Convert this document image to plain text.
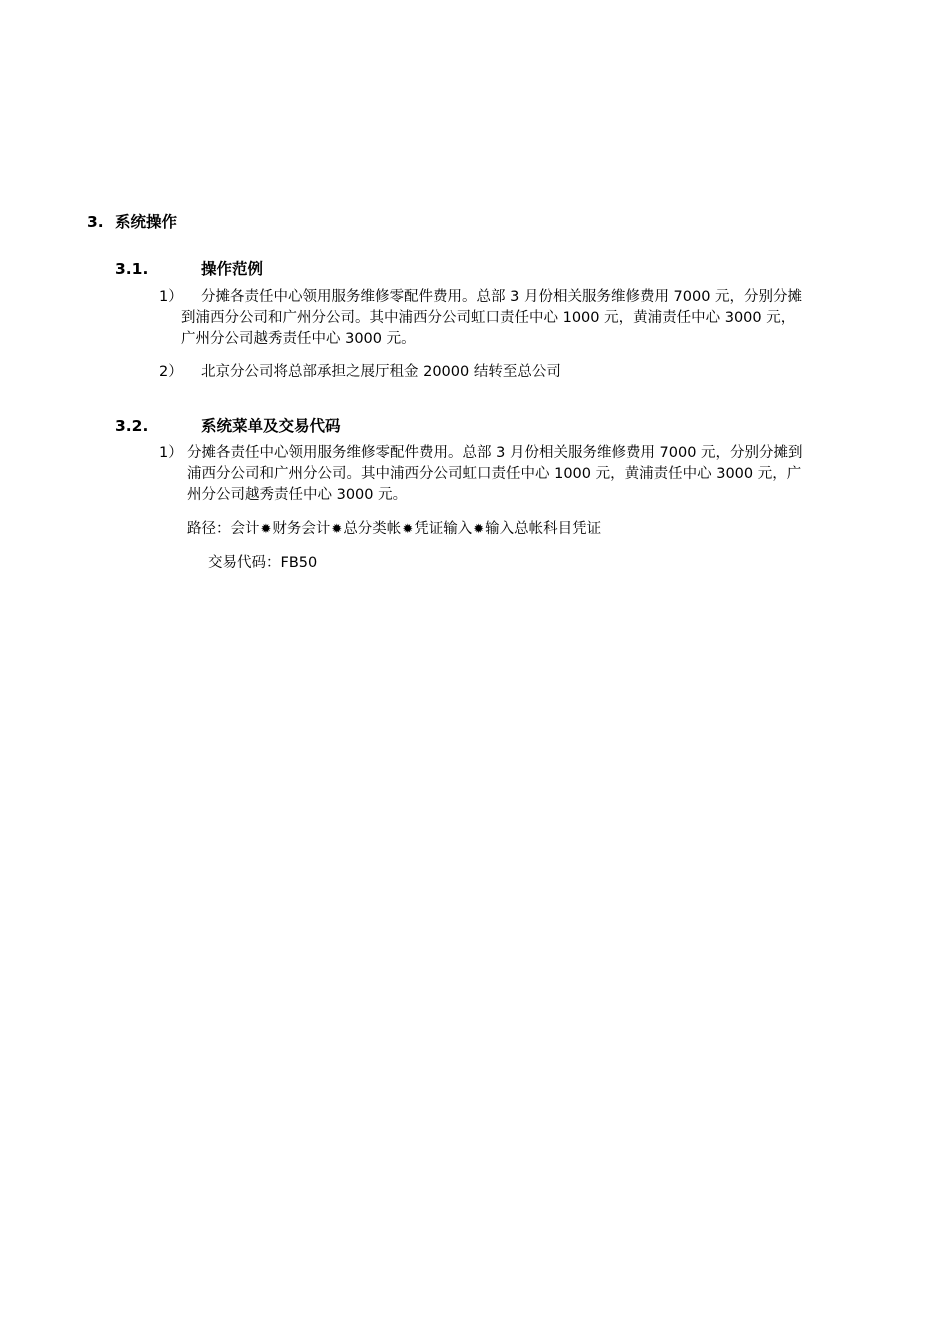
3. 系统操作
3.1.	操作范例
1） 分摊各责任中心领用服务维修零配件费用。总部 3 月份相关服务维修费用 7000 元，分别分摊
到浦西分公司和广州分公司。其中浦西分公司虹口责任中心 1000 元，黄浦责任中心 3000 元，
广州分公司越秀责任中心 3000 元。
2） 北京分公司将总部承担之展厅租金 20000 结转至总公司
3.2.	系统菜单及交易代码
1） 分摊各责任中心领用服务维修零配件费用。总部 3 月份相关服务维修费用 7000 元，分别分摊到
浦西分公司和广州分公司。其中浦西分公司虹口责任中心 1000 元，黄浦责任中心 3000 元，广
州分公司越秀责任中心 3000 元。
路径：会计✹财务会计✹总分类帐✹凭证输入✹输入总帐科目凭证
交易代码：FB50
